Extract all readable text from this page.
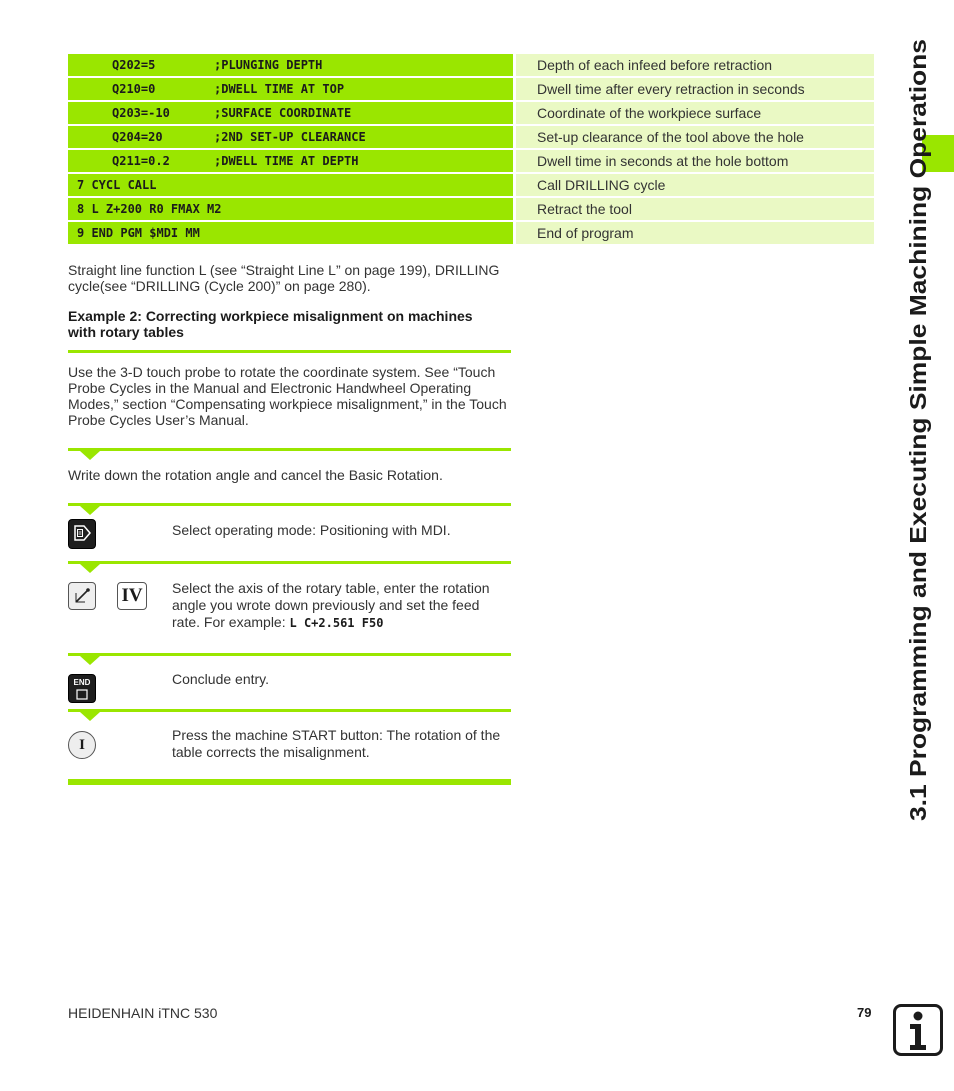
Q202=5	;PLUNGING DEPTH	Depth of each infeed before retraction
Q210=0	;DWELL TIME AT TOP	Dwell time after every retraction in seconds
Q203=-10	;SURFACE COORDINATE	Coordinate of the workpiece surface
Q204=20	;2ND SET-UP CLEARANCE	Set-up clearance of the tool above the hole
Q211=0.2	;DWELL TIME AT DEPTH	Dwell time in seconds at the hole bottom
7 CYCL CALL	Call DRILLING cycle
8 L Z+200 R0 FMAX M2	Retract the tool
9 END PGM $MDI MM	End of program
Straight line function L (see “Straight Line L” on page 199), DRILLING cycle(see “DRILLING (Cycle 200)” on page 280).
Example 2: Correcting workpiece misalignment on machines with rotary tables
Use the 3-D touch probe to rotate the coordinate system. See “Touch Probe Cycles in the Manual and Electronic Handwheel Operating Modes,” section “Compensating workpiece misalignment,” in the Touch Probe Cycles User’s Manual.
Write down the rotation angle and cancel the Basic Rotation.
Select operating mode: Positioning with MDI.
IV	Select the axis of the rotary table, enter the rotation angle you wrote down previously and set the feed rate. For example: L C+2.561 F50
END	Conclude entry.
I
Press the machine START button: The rotation of the table corrects the misalignment.	3.1 Programming and Executing Simple Machining Operations
HEIDENHAIN iTNC 530	79
